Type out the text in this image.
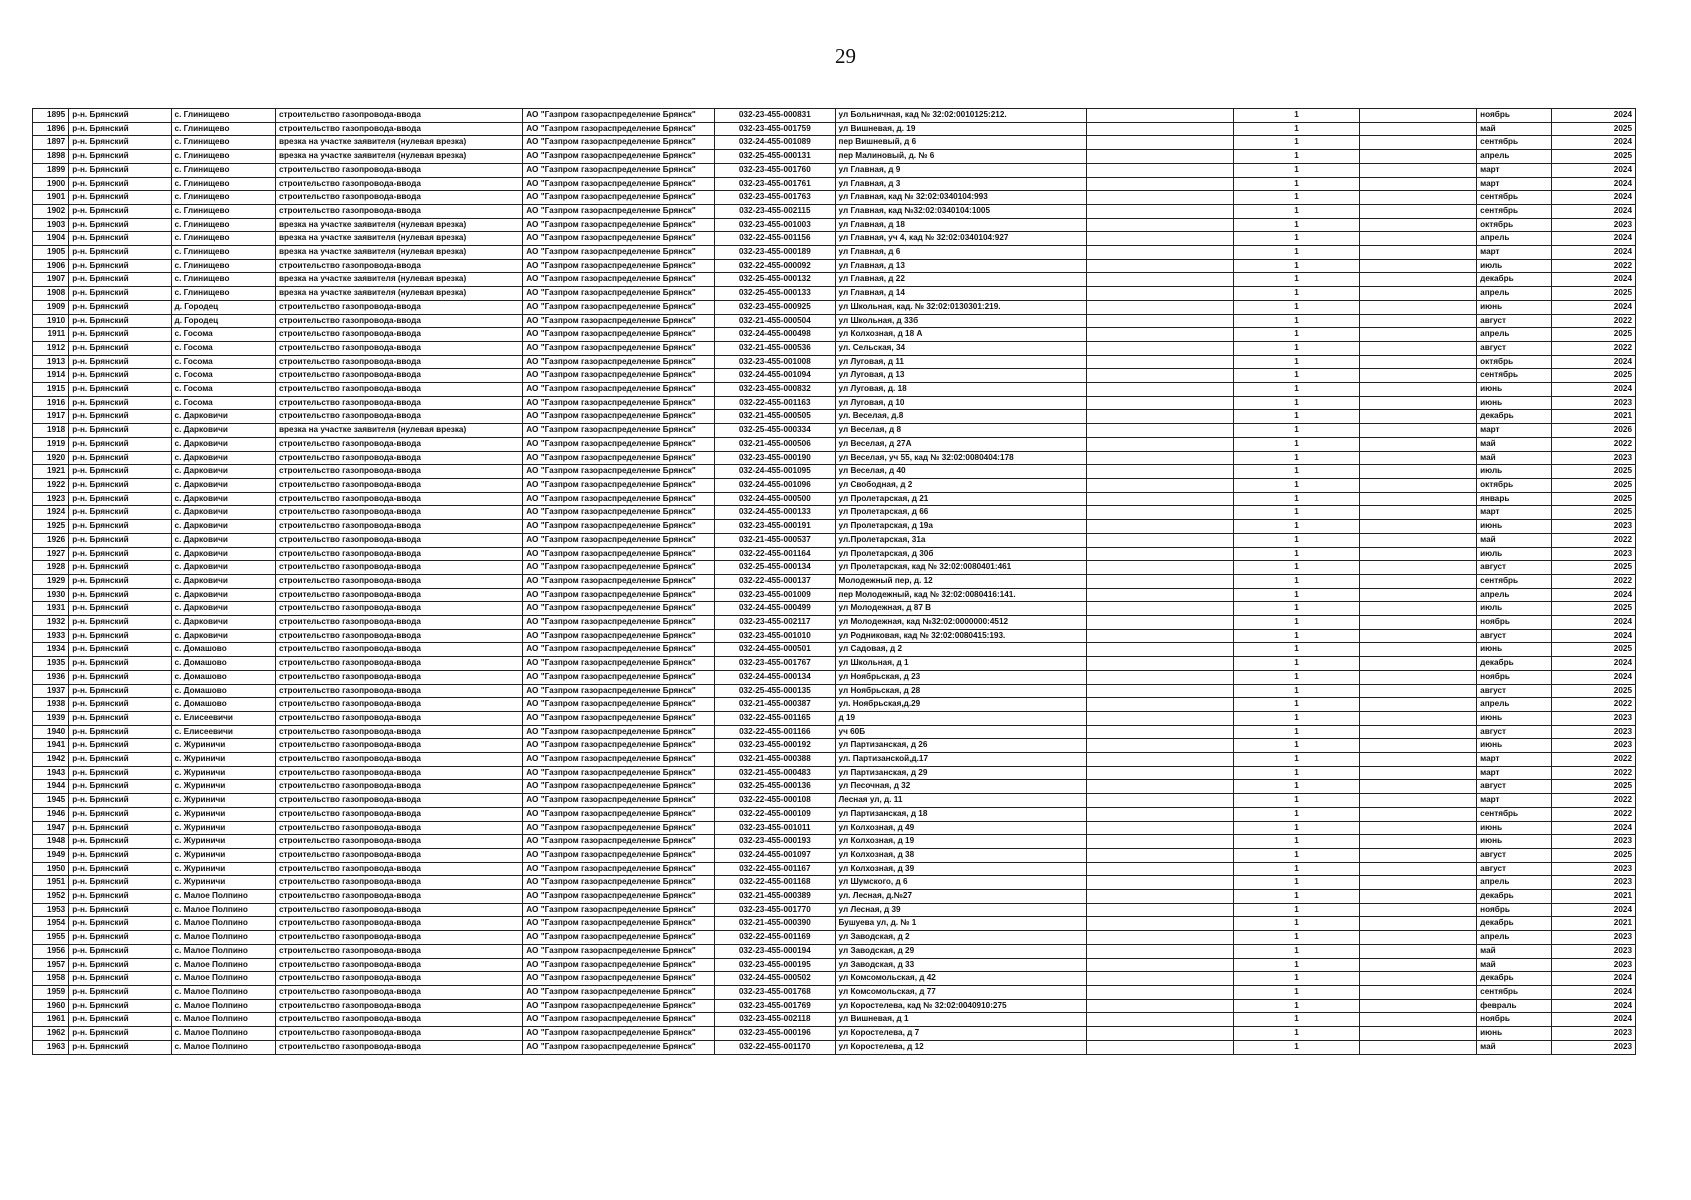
29
1895	р-н. Брянский	с. Глинищево	строительство газопровода-ввода	АО "Газпром газораспределение Брянск"	032-23-455-000831	ул Больничная, кад № 32:02:0010125:212.		1		ноябрь	2024
1896	р-н. Брянский	с. Глинищево	строительство газопровода-ввода	АО "Газпром газораспределение Брянск"	032-23-455-001759	ул Вишневая, д. 19		1		май	2025
1897	р-н. Брянский	с. Глинищево	врезка на участке заявителя (нулевая врезка)	АО "Газпром газораспределение Брянск"	032-24-455-001089	пер Вишневый, д 6		1		сентябрь	2024
1898	р-н. Брянский	с. Глинищево	врезка на участке заявителя (нулевая врезка)	АО "Газпром газораспределение Брянск"	032-25-455-000131	пер Малиновый, д. № 6		1		апрель	2025
1899	р-н. Брянский	с. Глинищево	строительство газопровода-ввода	АО "Газпром газораспределение Брянск"	032-23-455-001760	ул Главная, д 9		1		март	2024
1900	р-н. Брянский	с. Глинищево	строительство газопровода-ввода	АО "Газпром газораспределение Брянск"	032-23-455-001761	ул Главная, д 3		1		март	2024
1901	р-н. Брянский	с. Глинищево	строительство газопровода-ввода	АО "Газпром газораспределение Брянск"	032-23-455-001763	ул Главная, кад № 32:02:0340104:993		1		сентябрь	2024
1902	р-н. Брянский	с. Глинищево	строительство газопровода-ввода	АО "Газпром газораспределение Брянск"	032-23-455-002115	ул Главная, кад №32:02:0340104:1005		1		сентябрь	2024
1903	р-н. Брянский	с. Глинищево	врезка на участке заявителя (нулевая врезка)	АО "Газпром газораспределение Брянск"	032-23-455-001003	ул Главная, д 18		1		октябрь	2023
1904	р-н. Брянский	с. Глинищево	врезка на участке заявителя (нулевая врезка)	АО "Газпром газораспределение Брянск"	032-22-455-001156	ул Главная, уч 4, кад № 32:02:0340104:927		1		апрель	2024
1905	р-н. Брянский	с. Глинищево	врезка на участке заявителя (нулевая врезка)	АО "Газпром газораспределение Брянск"	032-23-455-000189	ул Главная, д 6		1		март	2024
1906	р-н. Брянский	с. Глинищево	строительство газопровода-ввода	АО "Газпром газораспределение Брянск"	032-22-455-000092	ул Главная, д 13		1		июль	2022
1907	р-н. Брянский	с. Глинищево	врезка на участке заявителя (нулевая врезка)	АО "Газпром газораспределение Брянск"	032-25-455-000132	ул Главная, д 22		1		декабрь	2024
1908	р-н. Брянский	с. Глинищево	врезка на участке заявителя (нулевая врезка)	АО "Газпром газораспределение Брянск"	032-25-455-000133	ул Главная, д 14		1		апрель	2025
1909	р-н. Брянский	д. Городец	строительство газопровода-ввода	АО "Газпром газораспределение Брянск"	032-23-455-000925	ул Школьная, кад. № 32:02:0130301:219.		1		июнь	2024
1910	р-н. Брянский	д. Городец	строительство газопровода-ввода	АО "Газпром газораспределение Брянск"	032-21-455-000504	ул Школьная, д 33б		1		август	2022
1911	р-н. Брянский	с. Госома	строительство газопровода-ввода	АО "Газпром газораспределение Брянск"	032-24-455-000498	ул Колхозная, д 18 А		1		апрель	2025
1912	р-н. Брянский	с. Госома	строительство газопровода-ввода	АО "Газпром газораспределение Брянск"	032-21-455-000536	ул. Сельская, 34		1		август	2022
1913	р-н. Брянский	с. Госома	строительство газопровода-ввода	АО "Газпром газораспределение Брянск"	032-23-455-001008	ул Луговая, д 11		1		октябрь	2024
1914	р-н. Брянский	с. Госома	строительство газопровода-ввода	АО "Газпром газораспределение Брянск"	032-24-455-001094	ул Луговая, д 13		1		сентябрь	2025
1915	р-н. Брянский	с. Госома	строительство газопровода-ввода	АО "Газпром газораспределение Брянск"	032-23-455-000832	ул Луговая, д. 18		1		июнь	2024
1916	р-н. Брянский	с. Госома	строительство газопровода-ввода	АО "Газпром газораспределение Брянск"	032-22-455-001163	ул Луговая, д 10		1		июнь	2023
1917	р-н. Брянский	с. Дарковичи	строительство газопровода-ввода	АО "Газпром газораспределение Брянск"	032-21-455-000505	ул. Веселая, д.8		1		декабрь	2021
1918	р-н. Брянский	с. Дарковичи	врезка на участке заявителя (нулевая врезка)	АО "Газпром газораспределение Брянск"	032-25-455-000334	ул Веселая, д 8		1		март	2026
1919	р-н. Брянский	с. Дарковичи	строительство газопровода-ввода	АО "Газпром газораспределение Брянск"	032-21-455-000506	ул Веселая, д 27А		1		май	2022
1920	р-н. Брянский	с. Дарковичи	строительство газопровода-ввода	АО "Газпром газораспределение Брянск"	032-23-455-000190	ул Веселая, уч 55, кад № 32:02:0080404:178		1		май	2023
1921	р-н. Брянский	с. Дарковичи	строительство газопровода-ввода	АО "Газпром газораспределение Брянск"	032-24-455-001095	ул Веселая, д 40		1		июль	2025
1922	р-н. Брянский	с. Дарковичи	строительство газопровода-ввода	АО "Газпром газораспределение Брянск"	032-24-455-001096	ул Свободная, д 2		1		октябрь	2025
1923	р-н. Брянский	с. Дарковичи	строительство газопровода-ввода	АО "Газпром газораспределение Брянск"	032-24-455-000500	ул Пролетарская, д 21		1		январь	2025
1924	р-н. Брянский	с. Дарковичи	строительство газопровода-ввода	АО "Газпром газораспределение Брянск"	032-24-455-000133	ул Пролетарская, д 66		1		март	2025
1925	р-н. Брянский	с. Дарковичи	строительство газопровода-ввода	АО "Газпром газораспределение Брянск"	032-23-455-000191	ул Пролетарская, д 19а		1		июнь	2023
1926	р-н. Брянский	с. Дарковичи	строительство газопровода-ввода	АО "Газпром газораспределение Брянск"	032-21-455-000537	ул.Пролетарская, 31а		1		май	2022
1927	р-н. Брянский	с. Дарковичи	строительство газопровода-ввода	АО "Газпром газораспределение Брянск"	032-22-455-001164	ул Пролетарская, д 30б		1		июль	2023
1928	р-н. Брянский	с. Дарковичи	строительство газопровода-ввода	АО "Газпром газораспределение Брянск"	032-25-455-000134	ул Пролетарская, кад № 32:02:0080401:461		1		август	2025
1929	р-н. Брянский	с. Дарковичи	строительство газопровода-ввода	АО "Газпром газораспределение Брянск"	032-22-455-000137	Молодежный пер, д. 12		1		сентябрь	2022
1930	р-н. Брянский	с. Дарковичи	строительство газопровода-ввода	АО "Газпром газораспределение Брянск"	032-23-455-001009	пер Молодежный, кад № 32:02:0080416:141.		1		апрель	2024
1931	р-н. Брянский	с. Дарковичи	строительство газопровода-ввода	АО "Газпром газораспределение Брянск"	032-24-455-000499	ул Молодежная, д 87 В		1		июль	2025
1932	р-н. Брянский	с. Дарковичи	строительство газопровода-ввода	АО "Газпром газораспределение Брянск"	032-23-455-002117	ул Молодежная, кад №32:02:0000000:4512		1		ноябрь	2024
1933	р-н. Брянский	с. Дарковичи	строительство газопровода-ввода	АО "Газпром газораспределение Брянск"	032-23-455-001010	ул Родниковая, кад № 32:02:0080415:193.		1		август	2024
1934	р-н. Брянский	с. Домашово	строительство газопровода-ввода	АО "Газпром газораспределение Брянск"	032-24-455-000501	ул Садовая, д 2		1		июнь	2025
1935	р-н. Брянский	с. Домашово	строительство газопровода-ввода	АО "Газпром газораспределение Брянск"	032-23-455-001767	ул Школьная, д 1		1		декабрь	2024
1936	р-н. Брянский	с. Домашово	строительство газопровода-ввода	АО "Газпром газораспределение Брянск"	032-24-455-000134	ул Ноябрьская, д 23		1		ноябрь	2024
1937	р-н. Брянский	с. Домашово	строительство газопровода-ввода	АО "Газпром газораспределение Брянск"	032-25-455-000135	ул Ноябрьская, д 28		1		август	2025
1938	р-н. Брянский	с. Домашово	строительство газопровода-ввода	АО "Газпром газораспределение Брянск"	032-21-455-000387	ул. Ноябрьская,д.29		1		апрель	2022
1939	р-н. Брянский	с. Елисеевичи	строительство газопровода-ввода	АО "Газпром газораспределение Брянск"	032-22-455-001165	д 19		1		июнь	2023
1940	р-н. Брянский	с. Елисеевичи	строительство газопровода-ввода	АО "Газпром газораспределение Брянск"	032-22-455-001166	уч 60Б		1		август	2023
1941	р-н. Брянский	с. Журиничи	строительство газопровода-ввода	АО "Газпром газораспределение Брянск"	032-23-455-000192	ул Партизанская, д 26		1		июнь	2023
1942	р-н. Брянский	с. Журиничи	строительство газопровода-ввода	АО "Газпром газораспределение Брянск"	032-21-455-000388	ул. Партизанской,д.17		1		март	2022
1943	р-н. Брянский	с. Журиничи	строительство газопровода-ввода	АО "Газпром газораспределение Брянск"	032-21-455-000483	ул Партизанская, д 29		1		март	2022
1944	р-н. Брянский	с. Журиничи	строительство газопровода-ввода	АО "Газпром газораспределение Брянск"	032-25-455-000136	ул Песочная, д 32		1		август	2025
1945	р-н. Брянский	с. Журиничи	строительство газопровода-ввода	АО "Газпром газораспределение Брянск"	032-22-455-000108	Лесная ул, д. 11		1		март	2022
1946	р-н. Брянский	с. Журиничи	строительство газопровода-ввода	АО "Газпром газораспределение Брянск"	032-22-455-000109	ул Партизанская, д 18		1		сентябрь	2022
1947	р-н. Брянский	с. Журиничи	строительство газопровода-ввода	АО "Газпром газораспределение Брянск"	032-23-455-001011	ул Колхозная, д 49		1		июнь	2024
1948	р-н. Брянский	с. Журиничи	строительство газопровода-ввода	АО "Газпром газораспределение Брянск"	032-23-455-000193	ул Колхозная, д 19		1		июнь	2023
1949	р-н. Брянский	с. Журиничи	строительство газопровода-ввода	АО "Газпром газораспределение Брянск"	032-24-455-001097	ул Колхозная, д 38		1		август	2025
1950	р-н. Брянский	с. Журиничи	строительство газопровода-ввода	АО "Газпром газораспределение Брянск"	032-22-455-001167	ул Колхозная, д 39		1		август	2023
1951	р-н. Брянский	с. Журиничи	строительство газопровода-ввода	АО "Газпром газораспределение Брянск"	032-22-455-001168	ул Шумского, д 6		1		апрель	2023
1952	р-н. Брянский	с. Малое Полпино	строительство газопровода-ввода	АО "Газпром газораспределение Брянск"	032-21-455-000389	ул. Лесная, д.№27		1		декабрь	2021
1953	р-н. Брянский	с. Малое Полпино	строительство газопровода-ввода	АО "Газпром газораспределение Брянск"	032-23-455-001770	ул Лесная, д 39		1		ноябрь	2024
1954	р-н. Брянский	с. Малое Полпино	строительство газопровода-ввода	АО "Газпром газораспределение Брянск"	032-21-455-000390	Бушуева ул, д. № 1		1		декабрь	2021
1955	р-н. Брянский	с. Малое Полпино	строительство газопровода-ввода	АО "Газпром газораспределение Брянск"	032-22-455-001169	ул Заводская, д 2		1		апрель	2023
1956	р-н. Брянский	с. Малое Полпино	строительство газопровода-ввода	АО "Газпром газораспределение Брянск"	032-23-455-000194	ул Заводская, д 29		1		май	2023
1957	р-н. Брянский	с. Малое Полпино	строительство газопровода-ввода	АО "Газпром газораспределение Брянск"	032-23-455-000195	ул Заводская, д 33		1		май	2023
1958	р-н. Брянский	с. Малое Полпино	строительство газопровода-ввода	АО "Газпром газораспределение Брянск"	032-24-455-000502	ул Комсомольская, д 42		1		декабрь	2024
1959	р-н. Брянский	с. Малое Полпино	строительство газопровода-ввода	АО "Газпром газораспределение Брянск"	032-23-455-001768	ул Комсомольская, д 77		1		сентябрь	2024
1960	р-н. Брянский	с. Малое Полпино	строительство газопровода-ввода	АО "Газпром газораспределение Брянск"	032-23-455-001769	ул Коростелева, кад № 32:02:0040910:275		1		февраль	2024
1961	р-н. Брянский	с. Малое Полпино	строительство газопровода-ввода	АО "Газпром газораспределение Брянск"	032-23-455-002118	ул Вишневая, д 1		1		ноябрь	2024
1962	р-н. Брянский	с. Малое Полпино	строительство газопровода-ввода	АО "Газпром газораспределение Брянск"	032-23-455-000196	ул Коростелева, д 7		1		июнь	2023
1963	р-н. Брянский	с. Малое Полпино	строительство газопровода-ввода	АО "Газпром газораспределение Брянск"	032-22-455-001170	ул Коростелева, д 12		1		май	2023
